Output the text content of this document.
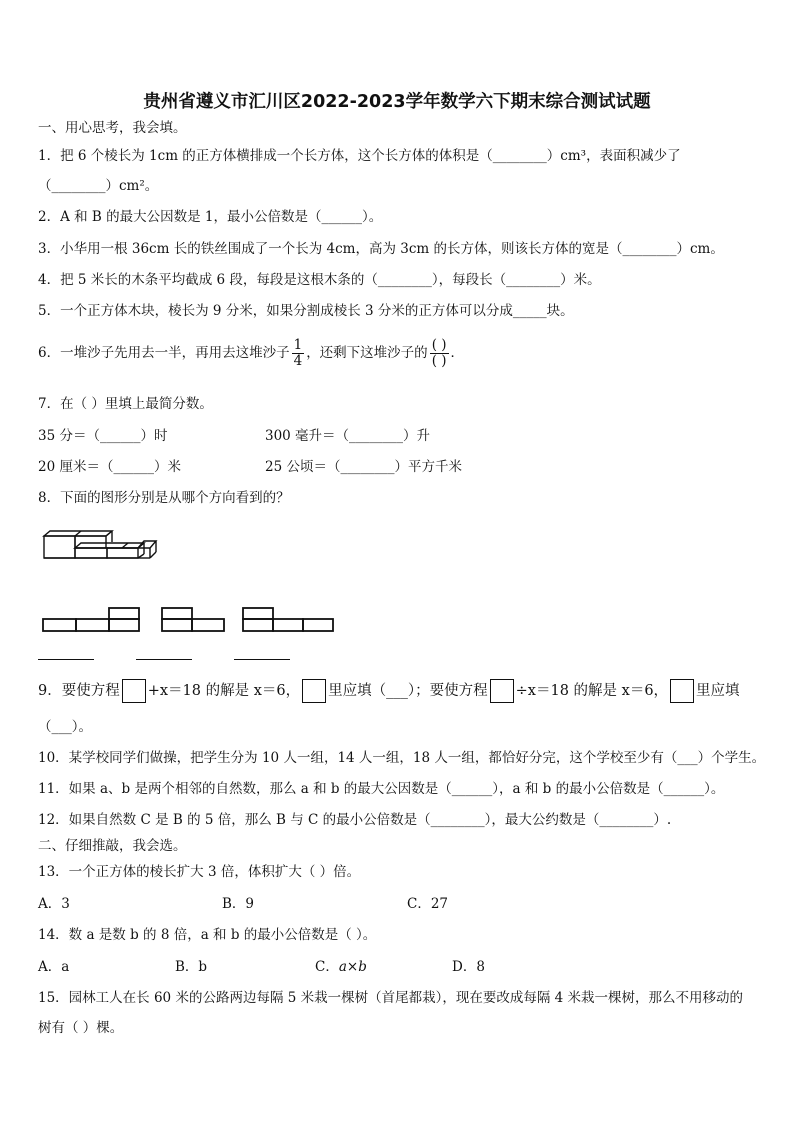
贵州省遵义市汇川区2022-2023学年数学六下期末综合测试试题
一、用心思考，我会填。
1．把 6 个棱长为 1cm 的正方体横排成一个长方体，这个长方体的体积是（________）cm³，表面积减少了
（________）cm²。
2．A 和 B 的最大公因数是 1，最小公倍数是（______）。
3．小华用一根 36cm 长的铁丝围成了一个长为 4cm，高为 3cm 的长方体，则该长方体的宽是（________）cm。
4．把 5 米长的木条平均截成 6 段，每段是这根木条的（________），每段长（________）米。
5．一个正方体木块，棱长为 9 分米，如果分割成棱长 3 分米的正方体可以分成_____块。
6．一堆沙子先用去一半，再用去这堆沙子 $\frac{1}{4}$ ，还剩下这堆沙子的 $\frac{( )}{( )}$ ．
7．在（ ）里填上最简分数。
35 分＝（______）时	300 毫升＝（________）升
20 厘米＝（______）米	25 公顷＝（________）平方千米
8．下面的图形分别是从哪个方向看到的？
9．要使方程 +x＝18 的解是 x＝6， 里应填（___）；要使方程 ÷x＝18 的解是 x＝6， 里应填
（___）。
10．某学校同学们做操，把学生分为 10 人一组，14 人一组，18 人一组，都恰好分完，这个学校至少有（___）个学生。
11．如果 a、b 是两个相邻的自然数，那么 a 和 b 的最大公因数是（______），a 和 b 的最小公倍数是（______）。
12．如果自然数 C 是 B 的 5 倍，那么 B 与 C 的最小公倍数是（________），最大公约数是（________）.
二、仔细推敲，我会选。
13．一个正方体的棱长扩大 3 倍，体积扩大（ ）倍。
A．3	B．9	C．27
14．数 a 是数 b 的 8 倍，a 和 b 的最小公倍数是（ ）。
A．a	B．b	C．a×b	D．8
15．园林工人在长 60 米的公路两边每隔 5 米栽一棵树（首尾都栽），现在要改成每隔 4 米栽一棵树，那么不用移动的
树有（ ）棵。
